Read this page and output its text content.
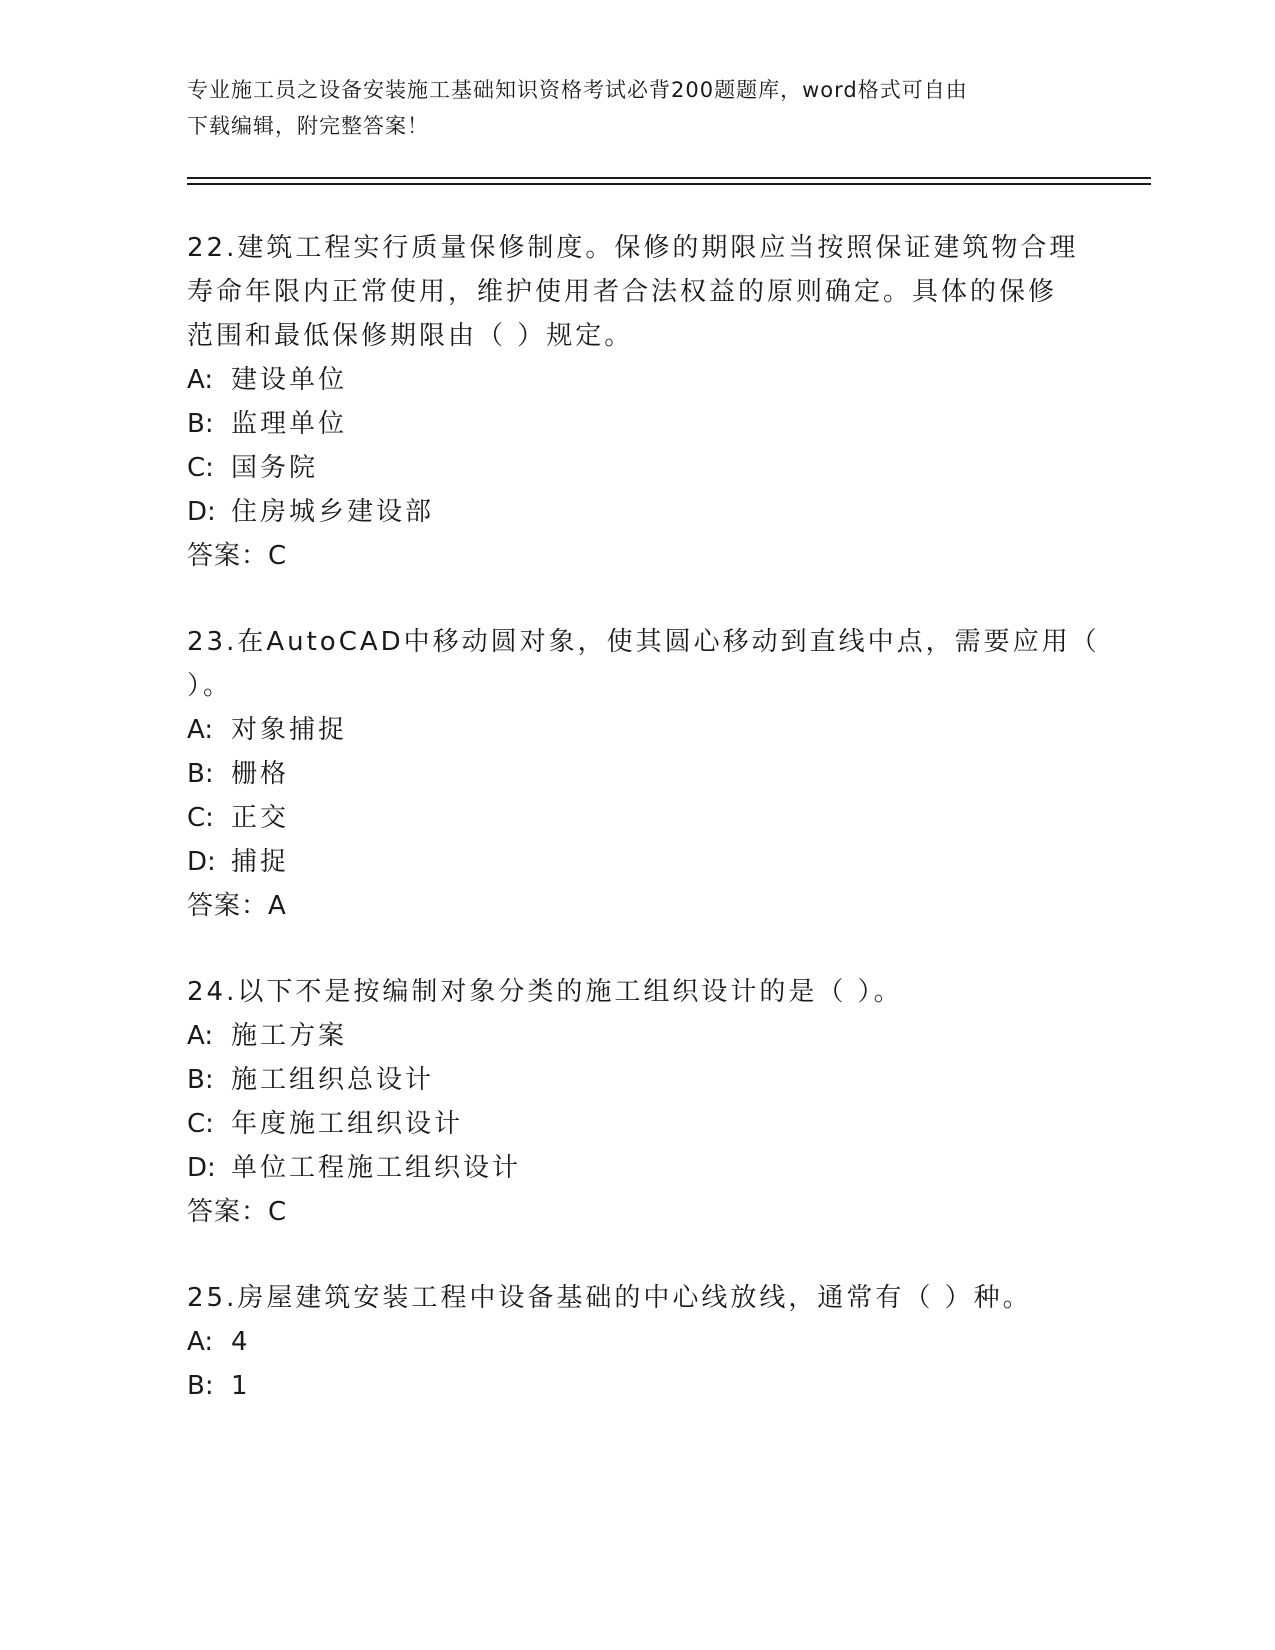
专业施工员之设备安装施工基础知识资格考试必背200题题库，word格式可自由
下载编辑，附完整答案！
22.建筑工程实行质量保修制度。保修的期限应当按照保证建筑物合理
寿命年限内正常使用，维护使用者合法权益的原则确定。具体的保修
范围和最低保修期限由（ ）规定。
A: 建设单位
B: 监理单位
C: 国务院
D: 住房城乡建设部
答案：C
23.在AutoCAD中移动圆对象，使其圆心移动到直线中点，需要应用（
）。
A: 对象捕捉
B: 栅格
C: 正交
D: 捕捉
答案：A
24.以下不是按编制对象分类的施工组织设计的是（ ）。
A: 施工方案
B: 施工组织总设计
C: 年度施工组织设计
D: 单位工程施工组织设计
答案：C
25.房屋建筑安装工程中设备基础的中心线放线，通常有（ ）种。
A: 4
B: 1
